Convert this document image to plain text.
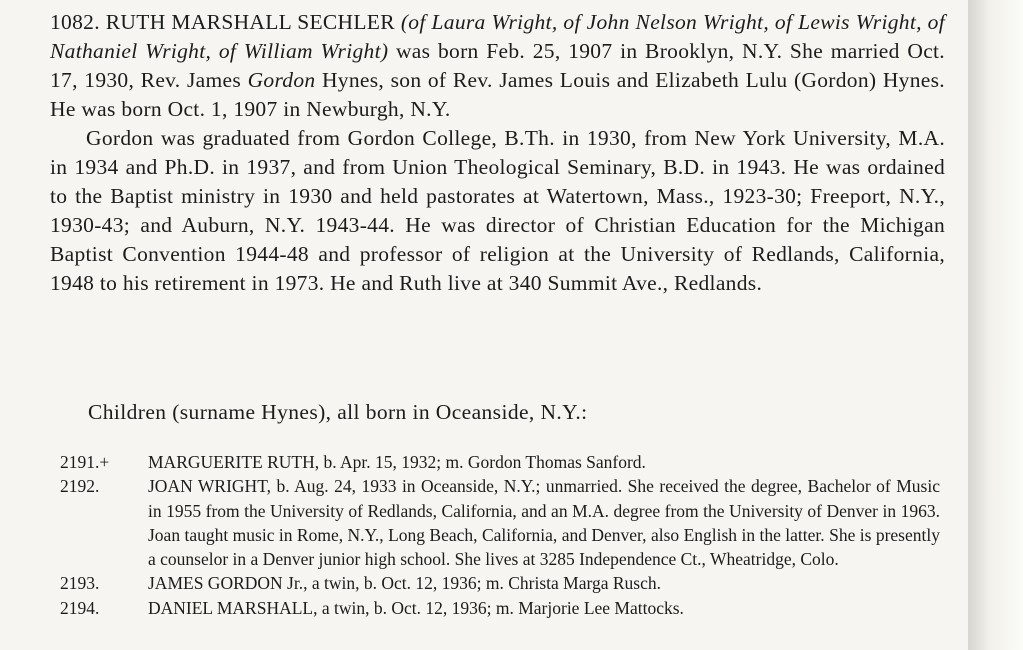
1082. RUTH MARSHALL SECHLER (of Laura Wright, of John Nelson Wright, of Lewis Wright, of Nathaniel Wright, of William Wright) was born Feb. 25, 1907 in Brooklyn, N.Y. She married Oct. 17, 1930, Rev. James Gordon Hynes, son of Rev. James Louis and Elizabeth Lulu (Gordon) Hynes. He was born Oct. 1, 1907 in Newburgh, N.Y.

Gordon was graduated from Gordon College, B.Th. in 1930, from New York University, M.A. in 1934 and Ph.D. in 1937, and from Union Theological Seminary, B.D. in 1943. He was ordained to the Baptist ministry in 1930 and held pastorates at Watertown, Mass., 1923-30; Freeport, N.Y., 1930-43; and Auburn, N.Y. 1943-44. He was director of Christian Education for the Michigan Baptist Convention 1944-48 and professor of religion at the University of Redlands, California, 1948 to his retirement in 1973. He and Ruth live at 340 Summit Ave., Redlands.

Children (surname Hynes), all born in Oceanside, N.Y.:
2191.+	MARGUERITE RUTH, b. Apr. 15, 1932; m. Gordon Thomas Sanford.
2192.	JOAN WRIGHT, b. Aug. 24, 1933 in Oceanside, N.Y.; unmarried. She received the degree, Bachelor of Music in 1955 from the University of Redlands, California, and an M.A. degree from the University of Denver in 1963. Joan taught music in Rome, N.Y., Long Beach, California, and Denver, also English in the latter. She is presently a counselor in a Denver junior high school. She lives at 3285 Independence Ct., Wheatridge, Colo.
2193.	JAMES GORDON Jr., a twin, b. Oct. 12, 1936; m. Christa Marga Rusch.
2194.	DANIEL MARSHALL, a twin, b. Oct. 12, 1936; m. Marjorie Lee Mattocks.
